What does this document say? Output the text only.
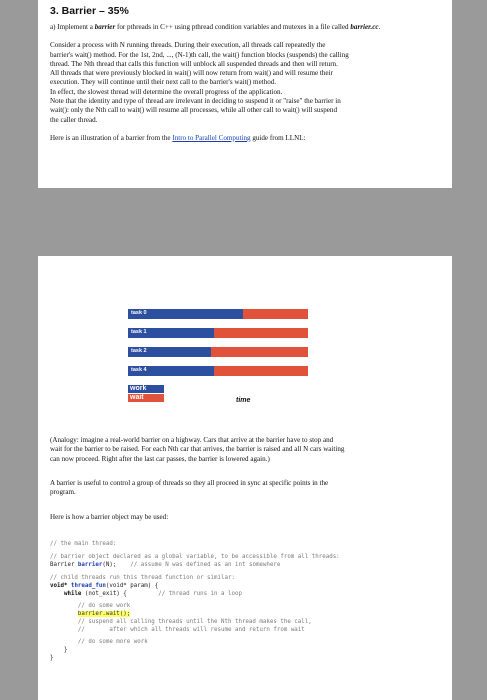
3. Barrier – 35%

a) Implement a barrier for pthreads in C++ using pthread condition variables and mutexes in a file called barrier.cc.

Consider a process with N running threads. During their execution, all threads call repeatedly the

barrier's wait() method. For the 1st, 2nd, ..., (N-1)th call, the wait() function blocks (suspends) the calling

thread. The Nth thread that calls this function will unblock all suspended threads and then will return.

All threads that were previously blocked in wait() will now return from wait() and will resume their

execution. They will continue until their next call to the barrier's wait() method.

In effect, the slowest thread will determine the overall progress of the application.

Note that the identity and type of thread are irrelevant in deciding to suspend it or "raise" the barrier in

wait(): only the Nth call to wait() will resume all processes, while all other call to wait() will suspend

the caller thread.

Here is an illustration of a barrier from the Intro to Parallel Computing guide from LLNL:

task 0
task 1
task 2
task 4
work
wait	time

(Analogy: imagine a real-world barrier on a highway. Cars that arrive at the barrier have to stop and

wait for the barrier to be raised. For each Nth car that arrives, the barrier is raised and all N cars waiting

can now proceed. Right after the last car passes, the barrier is lowered again.)

A barrier is useful to control a group of threads so they all proceed in sync at specific points in the

program.

Here is how a barrier object may be used:

// the main thread:
// barrier object declared as a global variable, to be accessible from all threads:
Barrier barrier(N); // assume N was defined as an int somewhere
// child threads run this thread function or similar:
void* thread_fun(void* param) {
while (not_exit) {	// thread runs in a loop
// do some work
barrier.wait();
// suspend all calling threads until the Nth thread makes the call,
//       after which all threads will resume and return from wait
// do some more work
}
}
